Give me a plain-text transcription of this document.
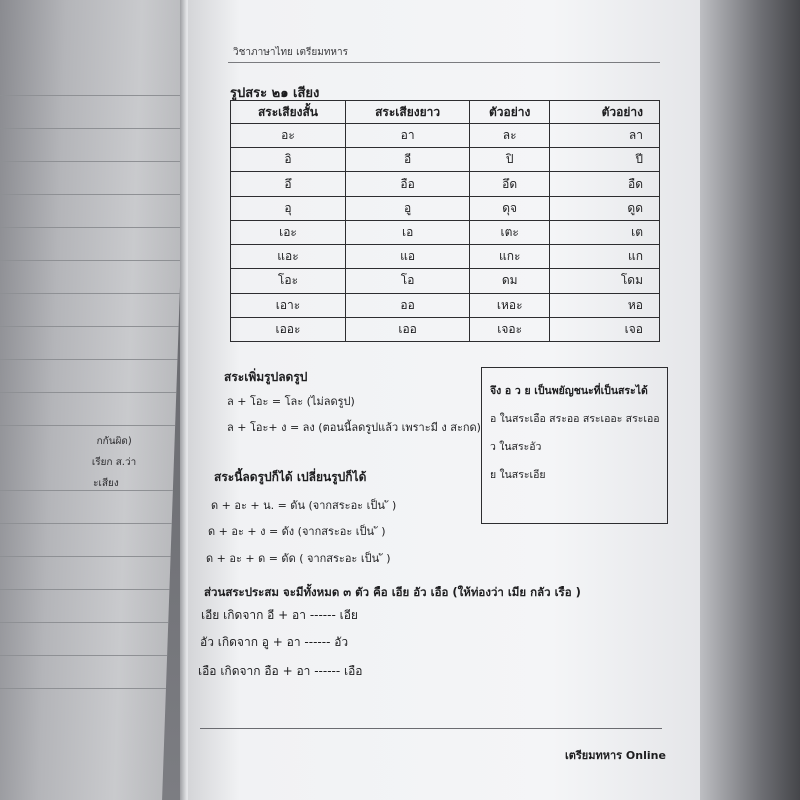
กกันผิด)
เรียก ส.ว่า
ะเสียง
วิชาภาษาไทย เตรียมทหาร
รูปสระ ๒๑ เสียง
สระเสียงสั้น	สระเสียงยาว	ตัวอย่าง	ตัวอย่าง
อะ	อา	ละ	ลา
อิ	อี	ปิ	ปี
อึ	อือ	อึด	อืด
อุ	อู	ดุจ	ดูด
เอะ	เอ	เตะ	เต
แอะ	แอ	แกะ	แก
โอะ	โอ	ดม	โดม
เอาะ	ออ	เหอะ	หอ
เออะ	เออ	เจอะ	เจอ
สระเพิ่มรูปลดรูป
ล + โอะ = โละ (ไม่ลดรูป)
ล + โอะ+ ง = ลง (ตอนนี้ลดรูปแล้ว เพราะมี ง สะกด)
จึง อ ว ย เป็นพยัญชนะที่เป็นสระได้
อ ในสระเอือ สระออ สระเออะ สระเออ
ว ในสระอัว
ย ในสระเอีย
สระนี้ลดรูปก็ได้ เปลี่ยนรูปก็ได้
ด + อะ + น. = ดัน (จากสระอะ เป็น ั )
ด + อะ + ง = ดัง (จากสระอะ เป็น ั )
ด + อะ + ด = ดัด ( จากสระอะ เป็น ั )
ส่วนสระประสม จะมีทั้งหมด ๓ ตัว คือ เอีย อัว เอือ (ให้ท่องว่า เมีย กลัว เรือ )
เอีย เกิดจาก อี + อา ------ เอีย
อัว เกิดจาก อู + อา ------ อัว
เอือ เกิดจาก อือ + อา ------ เอือ
เตรียมทหาร Online
